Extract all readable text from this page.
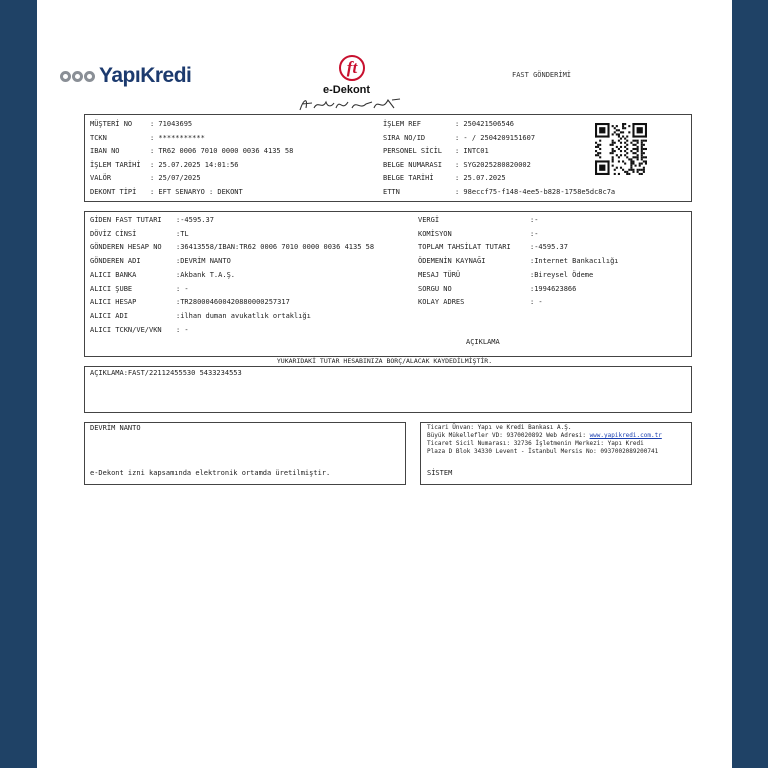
YapıKredi	ft
e-Dekont
FAST GÖNDERİMİ
MÜŞTERİ NO	: 71043695
TCKN	: ***********
IBAN NO	: TR62 0006 7010 0000 0036 4135 58
İŞLEM TARİHİ : 25.07.2025 14:01:56
VALÖR	: 25/07/2025
DEKONT TİPİ : EFT SENARYO : DEKONT
İŞLEM REF	: 250421506546
SIRA NO/ID	: - / 2504209151607
PERSONEL SİCİL : INTC01
BELGE NUMARASI : SYG2025280820002
BELGE TARİHİ	: 25.07.2025
ETTN	: 98eccf75-f148-4ee5-b828-1758e5dc8c7a
GİDEN FAST TUTARI :-4595.37
DÖVİZ CİNSİ	:TL
GÖNDEREN HESAP NO :36413558/IBAN:TR62 0006 7010 0000 0036 4135 58
GÖNDEREN ADI	:DEVRİM NANTO
ALICI BANKA	:Akbank T.A.Ş.
ALICI ŞUBE	: -
ALICI HESAP	:TR280004600420880000257317
ALICI ADI	:ilhan duman avukatlık ortaklığı
ALICI TCKN/VE/VKN : -
VERGİ	:-
KOMİSYON	:-
TOPLAM TAHSİLAT TUTARI	:-4595.37
ÖDEMENİN KAYNAĞI	:Internet Bankacılığı
MESAJ TÜRÜ	:Bireysel Ödeme
SORGU NO	:1994623866
KOLAY ADRES	: -
AÇIKLAMA
YUKARIDAKİ TUTAR HESABINIZA BORÇ/ALACAK KAYDEDİLMİŞTİR.
AÇIKLAMA:FAST/22112455530 5433234553
DEVRİM NANTO
e-Dekont izni kapsamında elektronik ortamda üretilmiştir.
Ticari Ünvan: Yapı ve Kredi Bankası A.Ş.
Büyük Mükellefler VD: 9370020892 Web Adresi: www.yapikredi.com.tr
Ticaret Sicil Numarası: 32736 İşletmenin Merkezi: Yapı Kredi
Plaza D Blok 34330 Levent - İstanbul Mersis No: 0937002089200741
SİSTEM
